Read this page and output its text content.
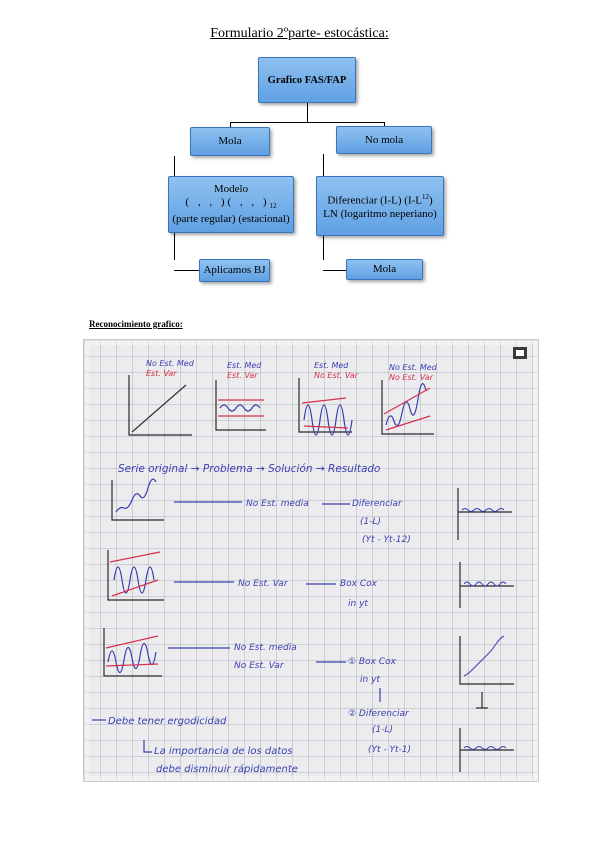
Formulario 2ºparte- estocástica:
Grafico FAS/FAP
Mola	No mola
Modelo
( , , )( , , )$_{12}$
(parte regular) (estacional)
Diferenciar (I-L) $(I-L^{12})$
LN (logaritmo neperiano)
Aplicamos BJ	Mola
Reconocimiento grafico:
No Est. Med
Est. Var
Est. Med
Est. Var
Est. Med
No Est. Var
No Est. Med
No Est. Var
Serie original → Problema → Solución → Resultado
No Est. media	Diferenciar
(1-L)
(Yt - Yt-12)
No Est. Var	Box Cox
in yt
No Est. media
No Est. Var	① Box Cox
in yt
② Diferenciar
(1-L)
(Yt - Yt-1)
Debe tener ergodicidad
La importancia de los datos
debe disminuir rápidamente
